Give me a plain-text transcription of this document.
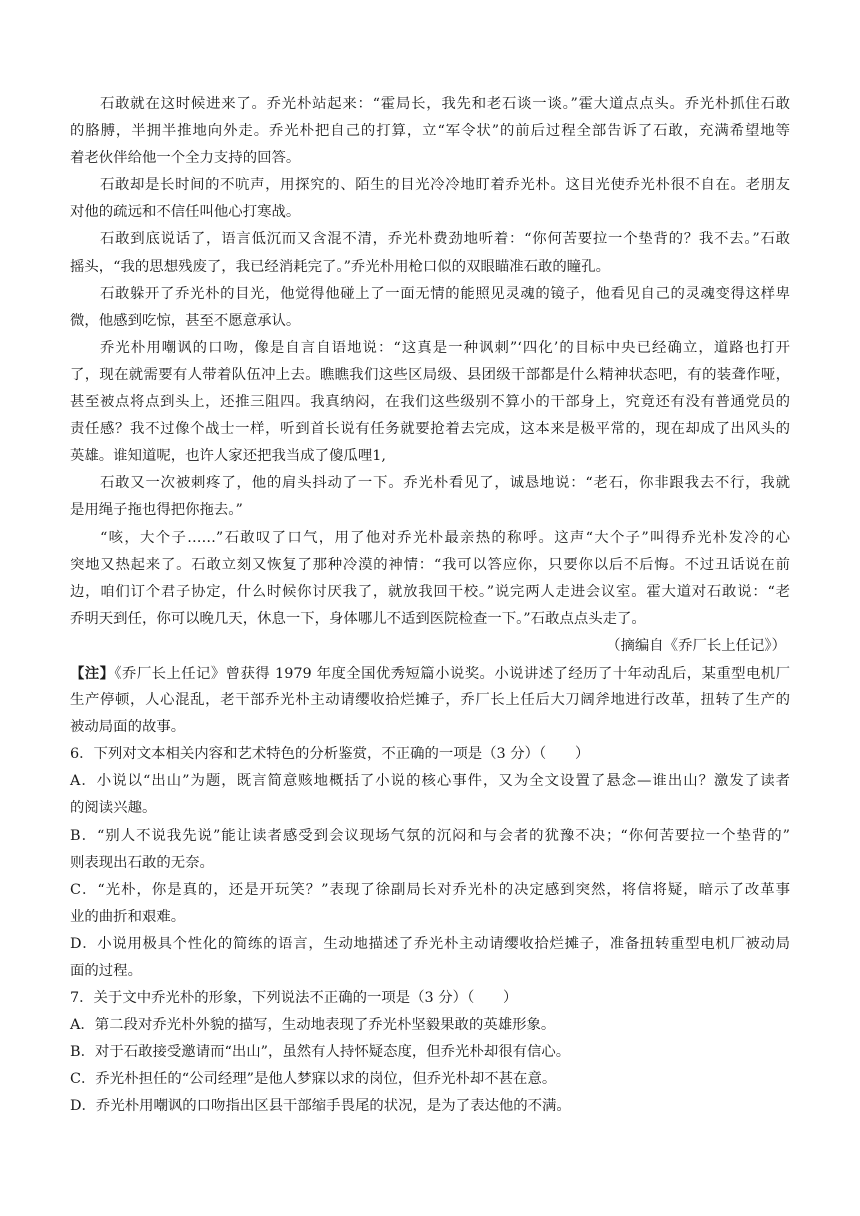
石敢就在这时候进来了。乔光朴站起来：“霍局长，我先和老石谈一谈。”霍大道点点头。乔光朴抓住石敢
的胳膊，半拥半推地向外走。乔光朴把自己的打算，立“军令状”的前后过程全部告诉了石敢，充满希望地等
着老伙伴给他一个全力支持的回答。
石敢却是长时间的不吭声，用探究的、陌生的目光冷冷地盯着乔光朴。这目光使乔光朴很不自在。老朋友
对他的疏远和不信任叫他心打寒战。
石敢到底说话了，语言低沉而又含混不清，乔光朴费劲地听着：“你何苦要拉一个垫背的？我不去。”石敢
摇头，“我的思想残废了，我已经消耗完了。”乔光朴用枪口似的双眼瞄准石敢的瞳孔。
石敢躲开了乔光朴的目光，他觉得他碰上了一面无情的能照见灵魂的镜子，他看见自己的灵魂变得这样卑
微，他感到吃惊，甚至不愿意承认。
乔光朴用嘲讽的口吻，像是自言自语地说：“这真是一种讽刺”‘四化’的目标中央已经确立，道路也打开
了，现在就需要有人带着队伍冲上去。瞧瞧我们这些区局级、县团级干部都是什么精神状态吧，有的装聋作哑，
甚至被点将点到头上，还推三阻四。我真纳闷，在我们这些级别不算小的干部身上，究竟还有没有普通党员的
责任感？我不过像个战士一样，听到首长说有任务就要抢着去完成，这本来是极平常的，现在却成了出风头的
英雄。谁知道呢，也许人家还把我当成了傻瓜哩1,
石敢又一次被刺疼了，他的肩头抖动了一下。乔光朴看见了，诚恳地说：“老石，你非跟我去不行，我就
是用绳子拖也得把你拖去。”
“咳，大个子……”石敢叹了口气，用了他对乔光朴最亲热的称呼。这声“大个子”叫得乔光朴发冷的心
突地又热起来了。石敢立刻又恢复了那种冷漠的神情：“我可以答应你，只要你以后不后悔。不过丑话说在前
边，咱们订个君子协定，什么时候你讨厌我了，就放我回干校。”说完两人走进会议室。霍大道对石敢说：“老
乔明天到任，你可以晚几天，休息一下，身体哪儿不适到医院检查一下。”石敢点点头走了。
（摘编自《乔厂长上任记》）
【注】《乔厂长上任记》曾获得 1979 年度全国优秀短篇小说奖。小说讲述了经历了十年动乱后，某重型电机厂
生产停顿，人心混乱，老干部乔光朴主动请缨收拾烂摊子，乔厂长上任后大刀阔斧地进行改革，扭转了生产的
被动局面的故事。
6．下列对文本相关内容和艺术特色的分析鉴赏，不正确的一项是（3 分）（　　）
A．小说以“出山”为题，既言简意赅地概括了小说的核心事件，又为全文设置了悬念—谁出山？激发了读者
的阅读兴趣。
B．“别人不说我先说”能让读者感受到会议现场气氛的沉闷和与会者的犹豫不决；“你何苦要拉一个垫背的”
则表现出石敢的无奈。
C．“光朴，你是真的，还是开玩笑？”表现了徐副局长对乔光朴的决定感到突然，将信将疑，暗示了改革事
业的曲折和艰难。
D．小说用极具个性化的简练的语言，生动地描述了乔光朴主动请缨收拾烂摊子，准备扭转重型电机厂被动局
面的过程。
7．关于文中乔光朴的形象，下列说法不正确的一项是（3 分）（　　）
A．第二段对乔光朴外貌的描写，生动地表现了乔光朴坚毅果敢的英雄形象。
B．对于石敢接受邀请而“出山”，虽然有人持怀疑态度，但乔光朴却很有信心。
C．乔光朴担任的“公司经理”是他人梦寐以求的岗位，但乔光朴却不甚在意。
D．乔光朴用嘲讽的口吻指出区县干部缩手畏尾的状况，是为了表达他的不满。
